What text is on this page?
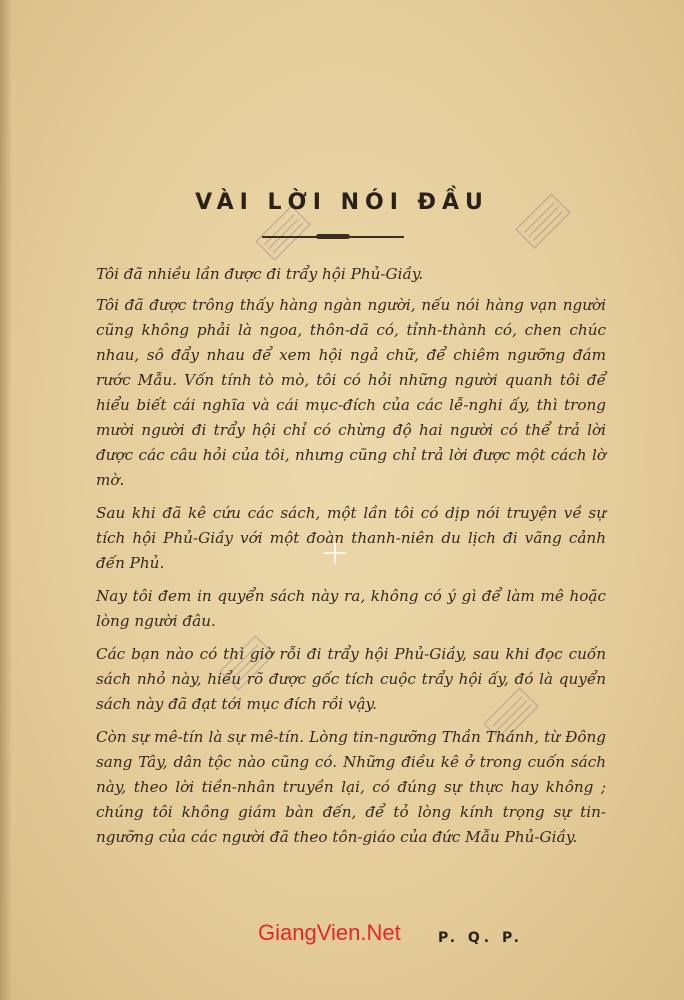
VÀI LỜI NÓI ĐẦU

Tôi đã nhiều lần được đi trẩy hội Phủ-Giầy.

Tôi đã được trông thấy hàng ngàn người, nếu nói hàng vạn người cũng không phải là ngoa, thôn-dã có, tỉnh-thành có, chen chúc nhau, sô đẩy nhau để xem hội ngả chữ, để chiêm ngưỡng đám rước Mẫu. Vốn tính tò mò, tôi có hỏi những người quanh tôi để hiểu biết cái nghĩa và cái mục-đích của các lễ-nghi ấy, thì trong mười người đi trẩy hội chỉ có chừng độ hai người có thể trả lời được các câu hỏi của tôi, nhưng cũng chỉ trả lời được một cách lờ mờ.

Sau khi đã kê cứu các sách, một lần tôi có dịp nói truyện về sự tích hội Phủ-Giầy với một đoàn thanh-niên du lịch đi vãng cảnh đến Phủ.

Nay tôi đem in quyển sách này ra, không có ý gì để làm mê hoặc lòng người đâu.

Các bạn nào có thì giờ rỗi đi trẩy hội Phủ-Giầy, sau khi đọc cuốn sách nhỏ này, hiểu rõ được gốc tích cuộc trẩy hội ấy, đó là quyển sách này đã đạt tới mục đích rồi vậy.

Còn sự mê-tín là sự mê-tín. Lòng tin-ngưỡng Thần Thánh, từ Đông sang Tây, dân tộc nào cũng có. Những điều kê ở trong cuốn sách này, theo lời tiền-nhân truyền lại, có đúng sự thực hay không ; chúng tôi không giám bàn đến, để tỏ lòng kính trọng sự tin-ngưỡng của các người đã theo tôn-giáo của đức Mẫu Phủ-Giầy.

GiangVien.Net	P. Q. P.
